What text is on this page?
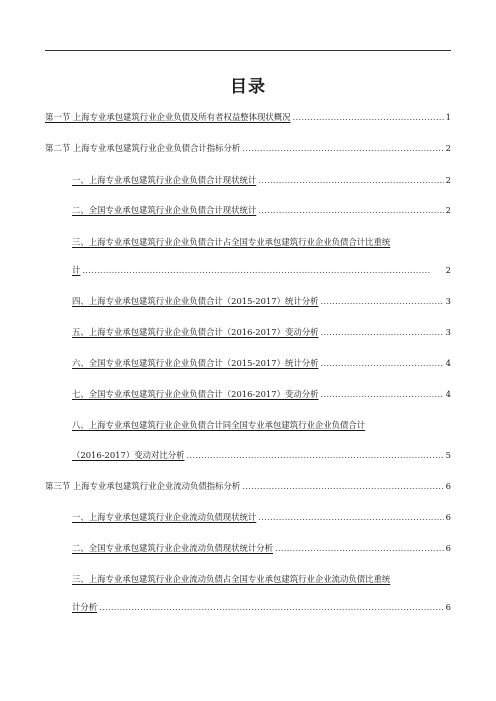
目录
第一节 上海专业承包建筑行业企业负债及所有者权益整体现状概况 . . .	1
第二节 上海专业承包建筑行业企业负债合计指标分析 . . .	2
一、上海专业承包建筑行业企业负债合计现状统计 . . .	2
二、全国专业承包建筑行业企业负债合计现状统计 . . .	2
三、上海专业承包建筑行业企业负债合计占全国专业承包建筑行业企业负债合计比重统
计 . . .	2
四、上海专业承包建筑行业企业负债合计（2015-2017）统计分析 . . .	3
五、上海专业承包建筑行业企业负债合计（2016-2017）变动分析 . . .	3
六、全国专业承包建筑行业企业负债合计（2015-2017）统计分析 . . .	4
七、全国专业承包建筑行业企业负债合计（2016-2017）变动分析 . . .	4
八、上海专业承包建筑行业企业负债合计同全国专业承包建筑行业企业负债合计
（2016-2017）变动对比分析 . . .	5
第三节 上海专业承包建筑行业企业流动负债指标分析 . . .	6
一、上海专业承包建筑行业企业流动负债现状统计 . . .	6
二、全国专业承包建筑行业企业流动负债现状统计分析 . . .	6
三、上海专业承包建筑行业企业流动负债占全国专业承包建筑行业企业流动负债比重统
计分析 . . .	6
